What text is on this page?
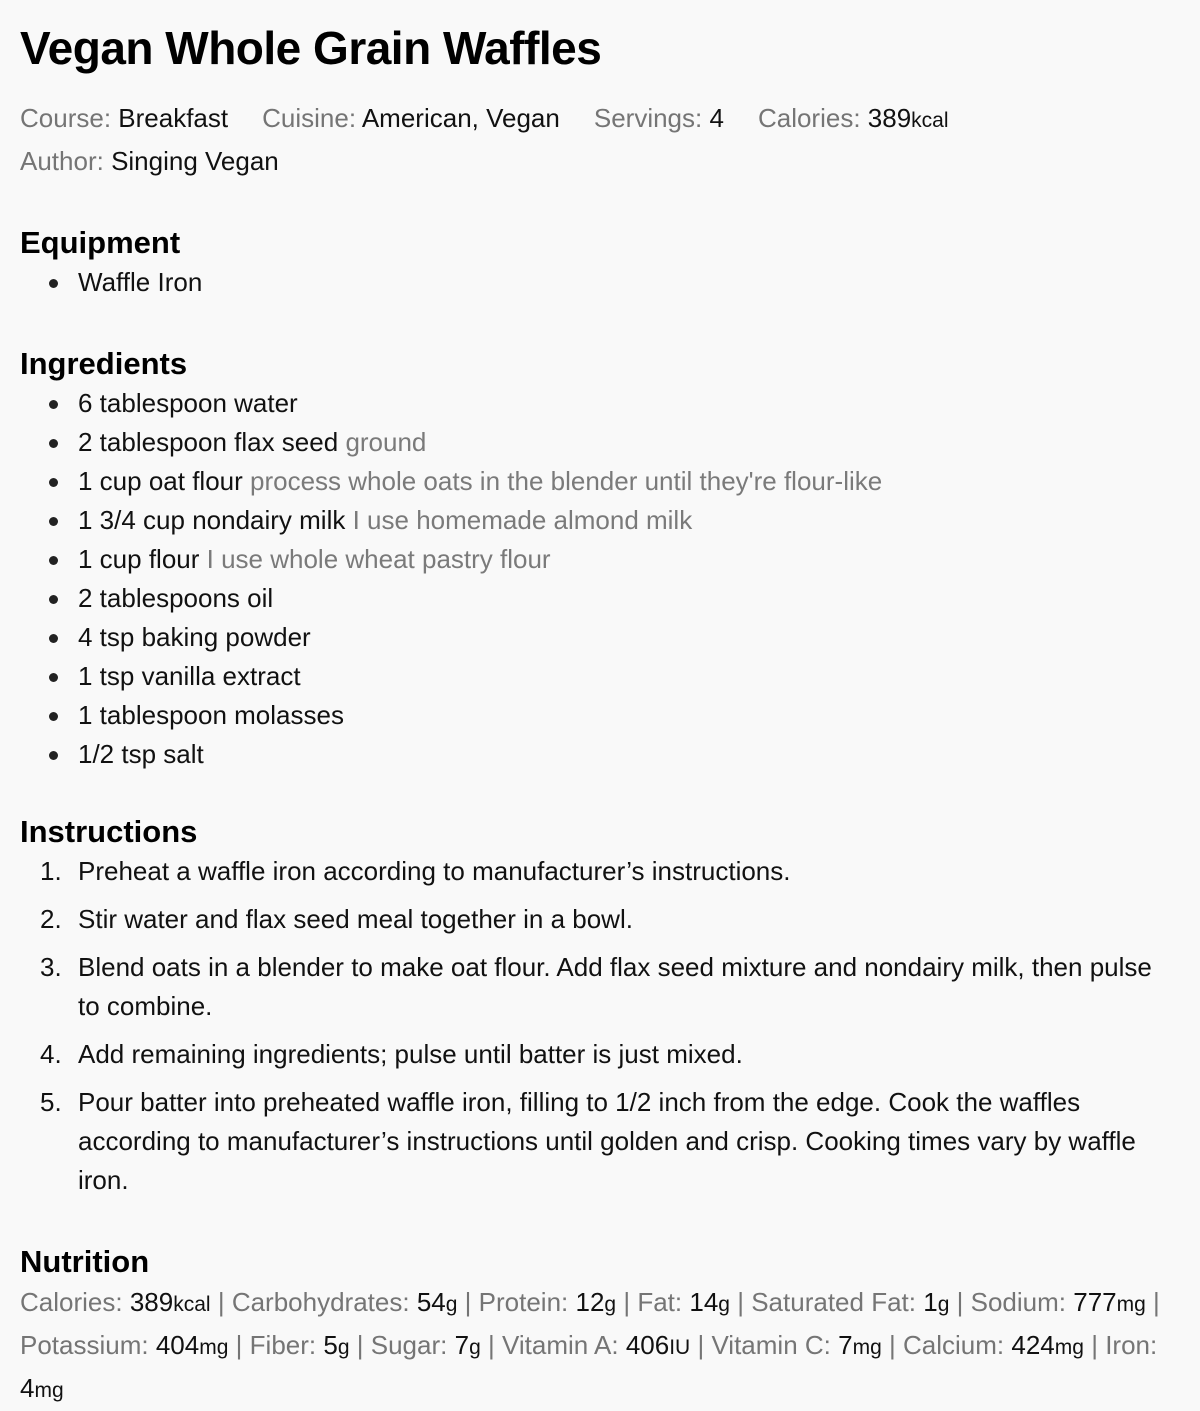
Vegan Whole Grain Waffles
Course: Breakfast Cuisine: American, Vegan Servings: 4 Calories: 389kcal
Author: Singing Vegan
Equipment
Waffle Iron
Ingredients
6 tablespoon water
2 tablespoon flax seed ground
1 cup oat flour process whole oats in the blender until they're flour-like
1 3/4 cup nondairy milk I use homemade almond milk
1 cup flour I use whole wheat pastry flour
2 tablespoons oil
4 tsp baking powder
1 tsp vanilla extract
1 tablespoon molasses
1/2 tsp salt
Instructions
1. Preheat a waffle iron according to manufacturer’s instructions.
2. Stir water and flax seed meal together in a bowl.
3. Blend oats in a blender to make oat flour. Add flax seed mixture and nondairy milk, then pulse to combine.
4. Add remaining ingredients; pulse until batter is just mixed.
5. Pour batter into preheated waffle iron, filling to 1/2 inch from the edge. Cook the waffles according to manufacturer’s instructions until golden and crisp. Cooking times vary by waffle iron.
Nutrition
Calories: 389kcal | Carbohydrates: 54g | Protein: 12g | Fat: 14g | Saturated Fat: 1g | Sodium: 777mg | Potassium: 404mg | Fiber: 5g | Sugar: 7g | Vitamin A: 406IU | Vitamin C: 7mg | Calcium: 424mg | Iron: 4mg
